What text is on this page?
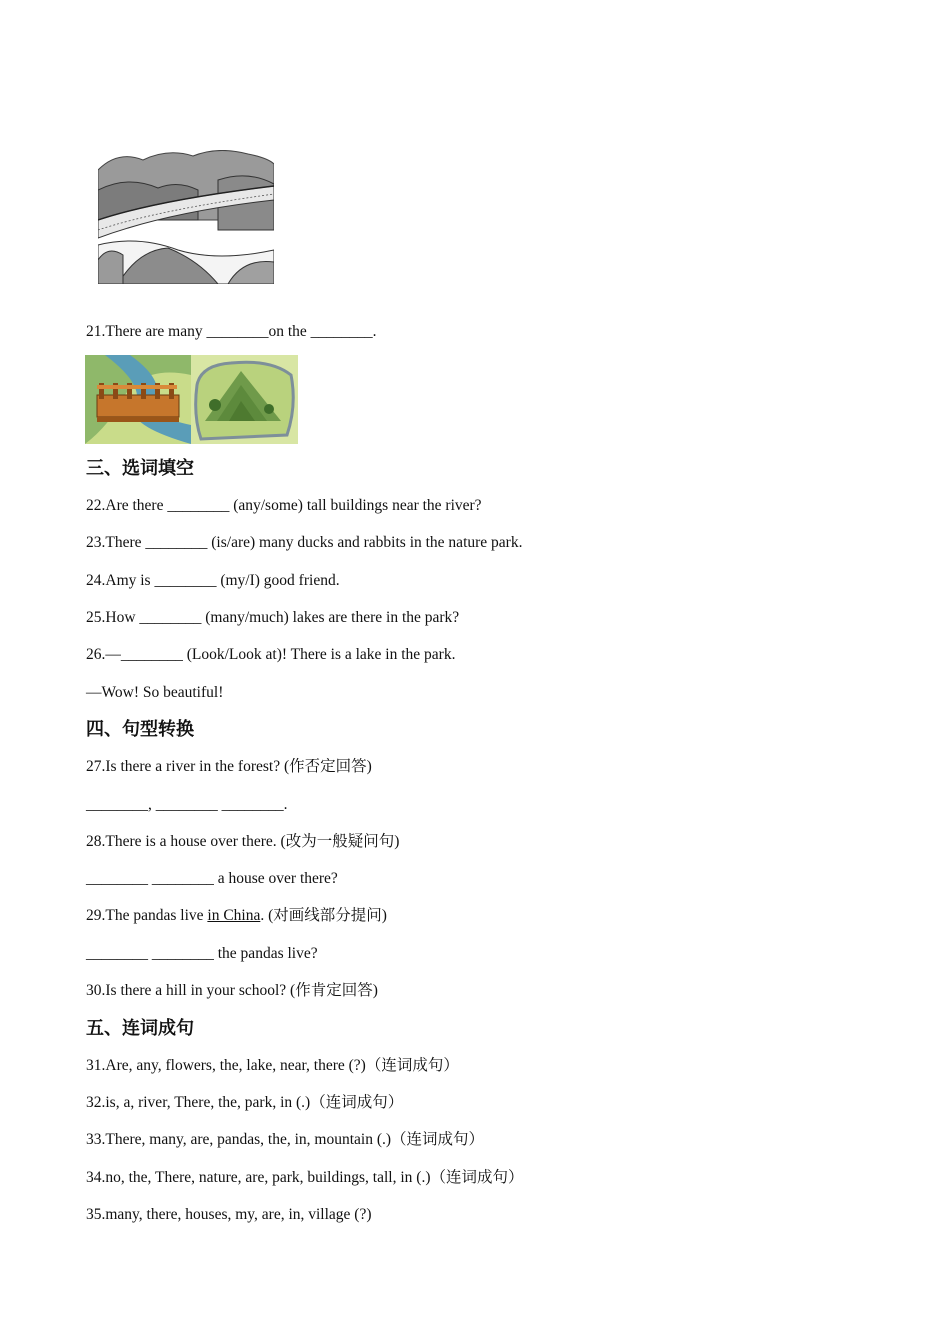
21.There are many ________on the ________.
三、选词填空
22.Are there ________ (any/some) tall buildings near the river?
23.There ________ (is/are) many ducks and rabbits in the nature park.
24.Amy is ________ (my/I) good friend.
25.How ________ (many/much) lakes are there in the park?
26.—________ (Look/Look at)! There is a lake in the park.
—Wow! So beautiful!
四、句型转换
27.Is there a river in the forest? (作否定回答)
________, ________ ________.
28.There is a house over there. (改为一般疑问句)
________ ________ a house over there?
29.The pandas live in China. (对画线部分提问)
________ ________ the pandas live?
30.Is there a hill in your school? (作肯定回答)
五、连词成句
31.Are, any, flowers, the, lake, near, there (?)（连词成句）
32.is, a, river, There, the, park, in (.)（连词成句）
33.There, many, are, pandas, the, in, mountain (.)（连词成句）
34.no, the, There, nature, are, park, buildings, tall, in (.)（连词成句）
35.many, there, houses, my, are, in, village (?)
